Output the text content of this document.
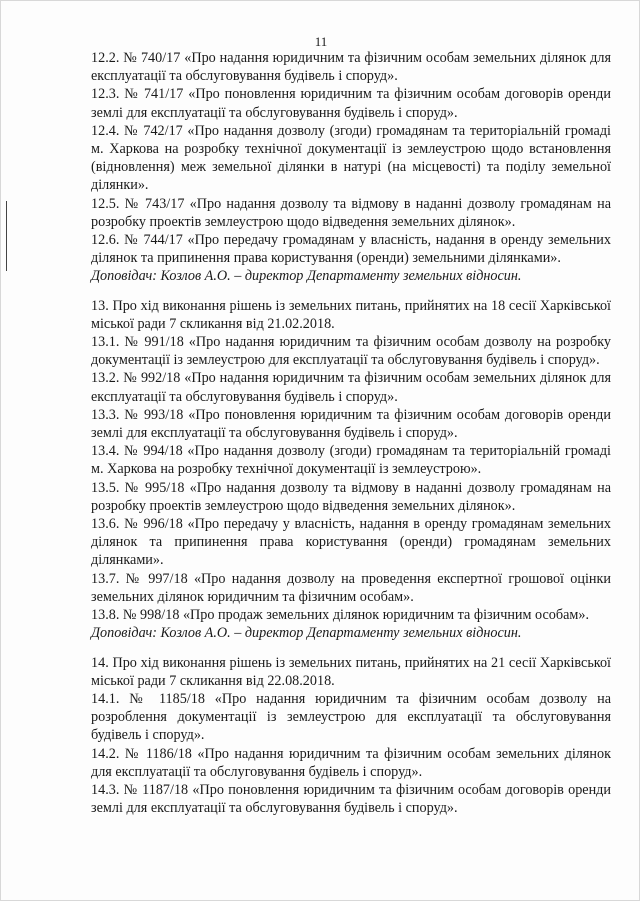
11
12.2. № 740/17 «Про надання юридичним та фізичним особам земельних ділянок для експлуатації та обслуговування будівель і споруд».
12.3. № 741/17 «Про поновлення юридичним та фізичним особам договорів оренди землі для експлуатації та обслуговування будівель і споруд».
12.4. № 742/17 «Про надання дозволу (згоди) громадянам та територіальній громаді м. Харкова на розробку технічної документації із землеустрою щодо встановлення (відновлення) меж земельної ділянки в натурі (на місцевості) та поділу земельної ділянки».
12.5. № 743/17 «Про надання дозволу та відмову в наданні дозволу громадянам на розробку проектів землеустрою щодо відведення земельних ділянок».
12.6. № 744/17 «Про передачу громадянам у власність, надання в оренду земельних ділянок та припинення права користування (оренди) земельними ділянками».
Доповідач: Козлов А.О. – директор Департаменту земельних відносин.
13. Про хід виконання рішень із земельних питань, прийнятих на 18 сесії Харківської міської ради 7 скликання від 21.02.2018.
13.1. № 991/18 «Про надання юридичним та фізичним особам дозволу на розробку документації із землеустрою для експлуатації та обслуговування будівель і споруд».
13.2. № 992/18 «Про надання юридичним та фізичним особам земельних ділянок для експлуатації та обслуговування будівель і споруд».
13.3. № 993/18 «Про поновлення юридичним та фізичним особам договорів оренди землі для експлуатації та обслуговування будівель і споруд».
13.4. № 994/18 «Про надання дозволу (згоди) громадянам та територіальній громаді м. Харкова на розробку технічної документації із землеустрою».
13.5. № 995/18 «Про надання дозволу та відмову в наданні дозволу громадянам на розробку проектів землеустрою щодо відведення земельних ділянок».
13.6. № 996/18 «Про передачу у власність, надання в оренду громадянам земельних ділянок та припинення права користування (оренди) громадянам земельних ділянками».
13.7. № 997/18 «Про надання дозволу на проведення експертної грошової оцінки земельних ділянок юридичним та фізичним особам».
13.8. № 998/18 «Про продаж земельних ділянок юридичним та фізичним особам».
Доповідач: Козлов А.О. – директор Департаменту земельних відносин.
14. Про хід виконання рішень із земельних питань, прийнятих на 21 сесії Харківської міської ради 7 скликання від 22.08.2018.
14.1. № 1185/18 «Про надання юридичним та фізичним особам дозволу на розроблення документації із землеустрою для експлуатації та обслуговування будівель і споруд».
14.2. № 1186/18 «Про надання юридичним та фізичним особам земельних ділянок для експлуатації та обслуговування будівель і споруд».
14.3. № 1187/18 «Про поновлення юридичним та фізичним особам договорів оренди землі для експлуатації та обслуговування будівель і споруд».
